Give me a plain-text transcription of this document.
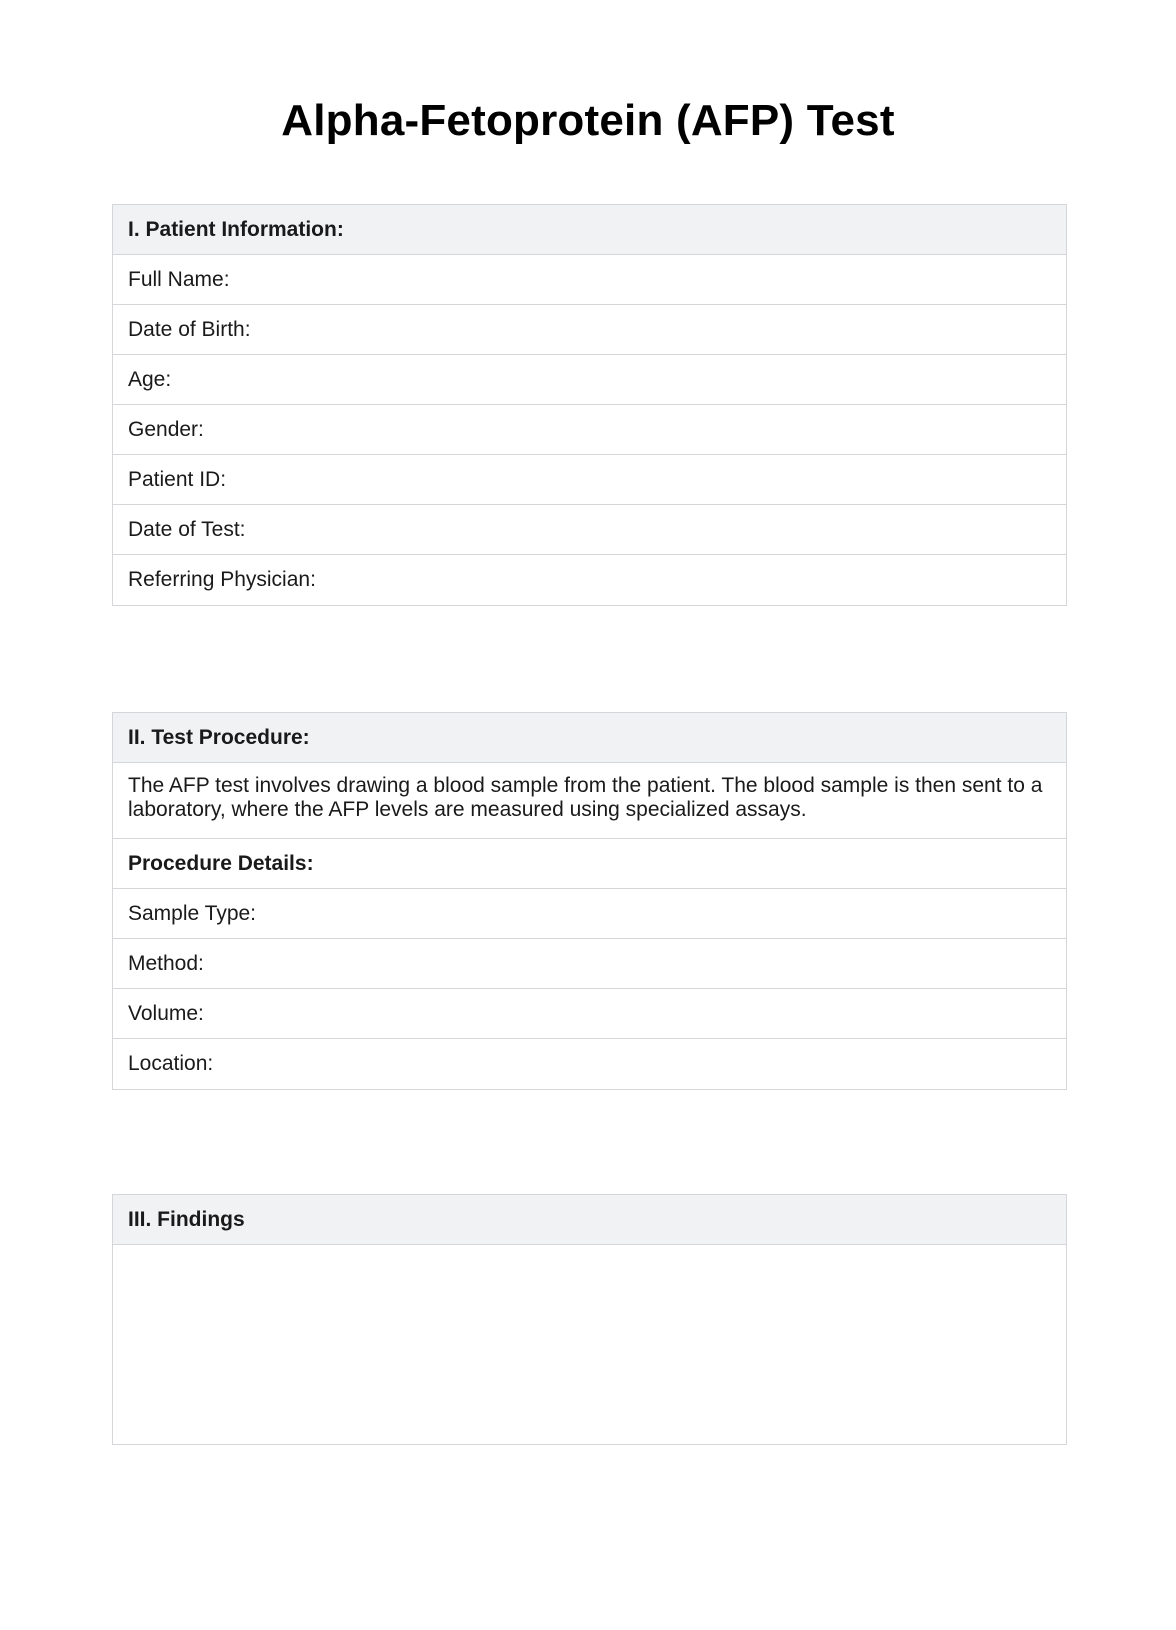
Alpha-Fetoprotein (AFP) Test
I. Patient Information:
Full Name:
Date of Birth:
Age:
Gender:
Patient ID:
Date of Test:
Referring Physician:
II. Test Procedure:
The AFP test involves drawing a blood sample from the patient. The blood sample is then sent to a laboratory, where the AFP levels are measured using specialized assays.
Procedure Details:
Sample Type:
Method:
Volume:
Location:
III. Findings
